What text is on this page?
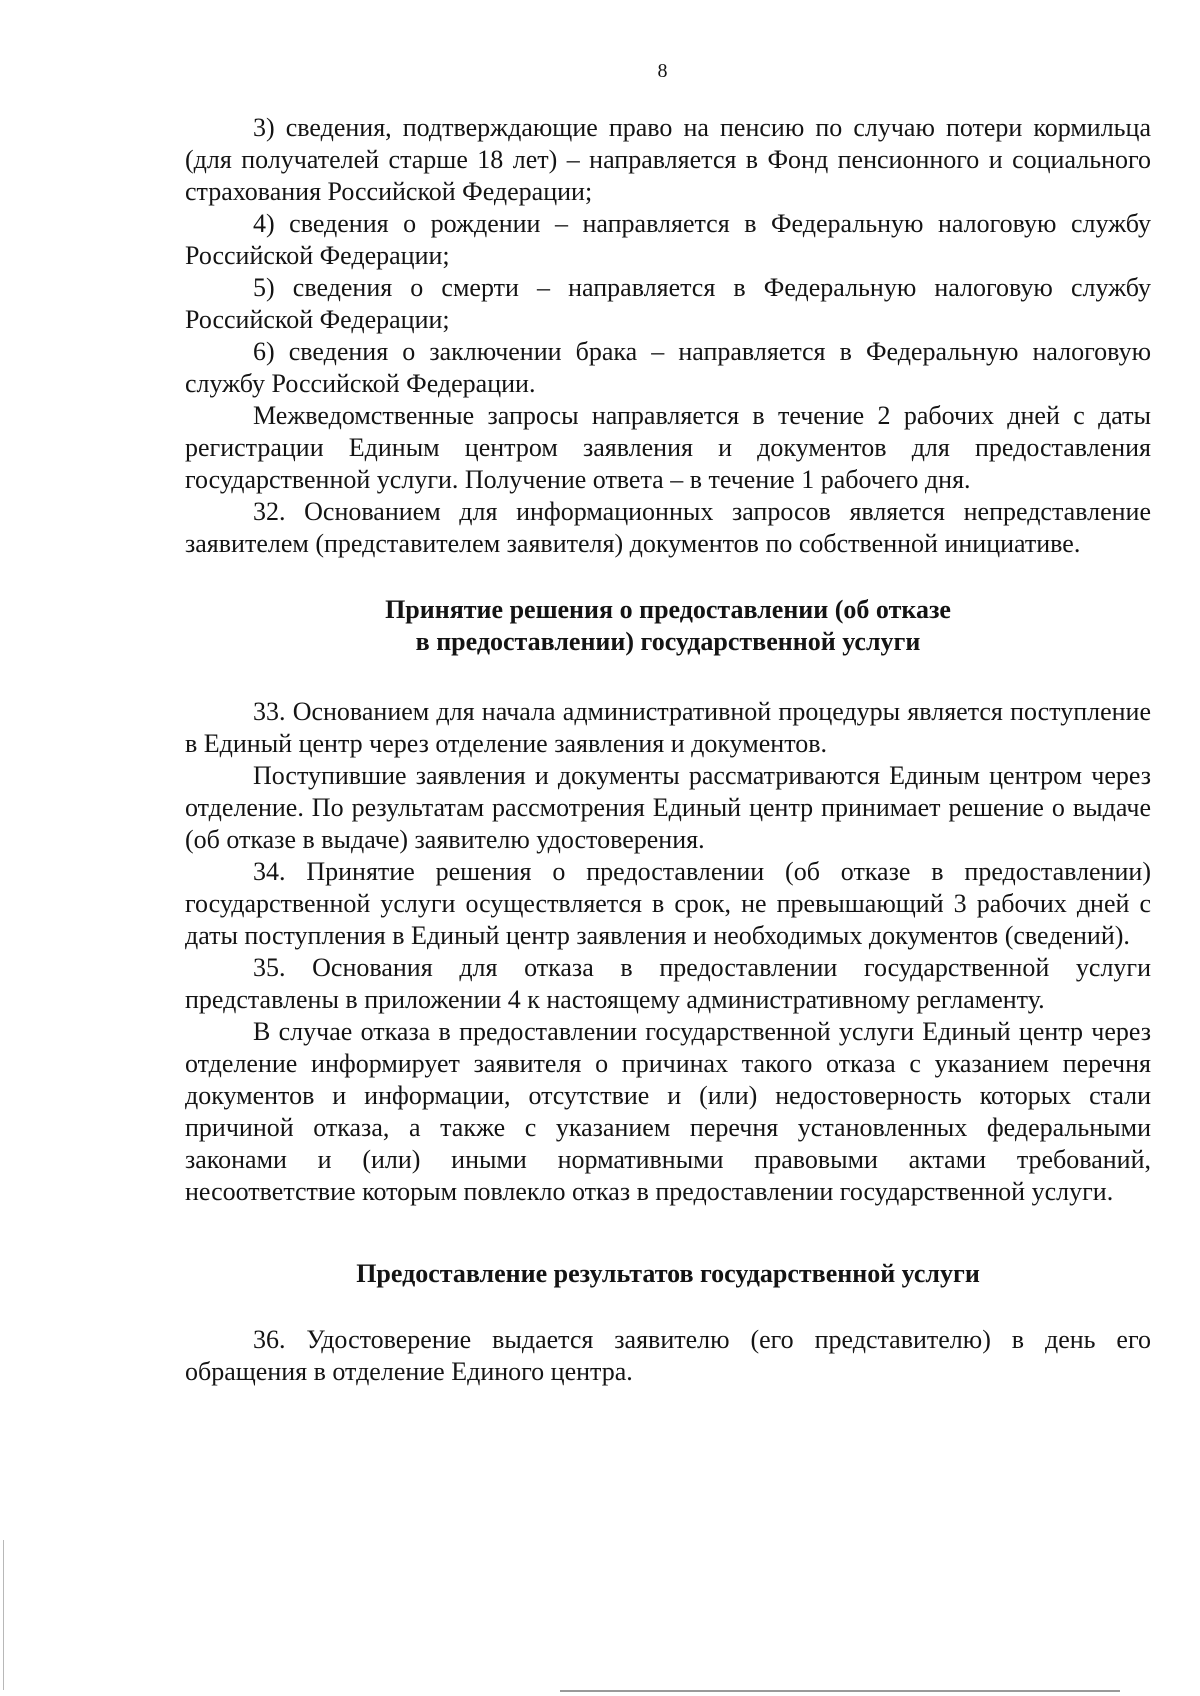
8

3) сведения, подтверждающие право на пенсию по случаю потери кормильца (для получателей старше 18 лет) – направляется в Фонд пенсионного и социального страхования Российской Федерации;

4) сведения о рождении – направляется в Федеральную налоговую службу Российской Федерации;

5) сведения о смерти – направляется в Федеральную налоговую службу Российской Федерации;

6) сведения о заключении брака – направляется в Федеральную налоговую службу Российской Федерации.

Межведомственные запросы направляется в течение 2 рабочих дней с даты регистрации Единым центром заявления и документов для предоставления государственной услуги. Получение ответа – в течение 1 рабочего дня.

32. Основанием для информационных запросов является непредставление заявителем (представителем заявителя) документов по собственной инициативе.

Принятие решения о предоставлении (об отказе
в предоставлении) государственной услуги

33. Основанием для начала административной процедуры является поступление в Единый центр через отделение заявления и документов.

Поступившие заявления и документы рассматриваются Единым центром через отделение. По результатам рассмотрения Единый центр принимает решение о выдаче (об отказе в выдаче) заявителю удостоверения.

34. Принятие решения о предоставлении (об отказе в предоставлении) государственной услуги осуществляется в срок, не превышающий 3 рабочих дней с даты поступления в Единый центр заявления и необходимых документов (сведений).

35. Основания для отказа в предоставлении государственной услуги представлены в приложении 4 к настоящему административному регламенту.

В случае отказа в предоставлении государственной услуги Единый центр через отделение информирует заявителя о причинах такого отказа с указанием перечня документов и информации, отсутствие и (или) недостоверность которых стали причиной отказа, а также с указанием перечня установленных федеральными законами и (или) иными нормативными правовыми актами требований, несоответствие которым повлекло отказ в предоставлении государственной услуги.

Предоставление результатов государственной услуги

36. Удостоверение выдается заявителю (его представителю) в день его обращения в отделение Единого центра.
